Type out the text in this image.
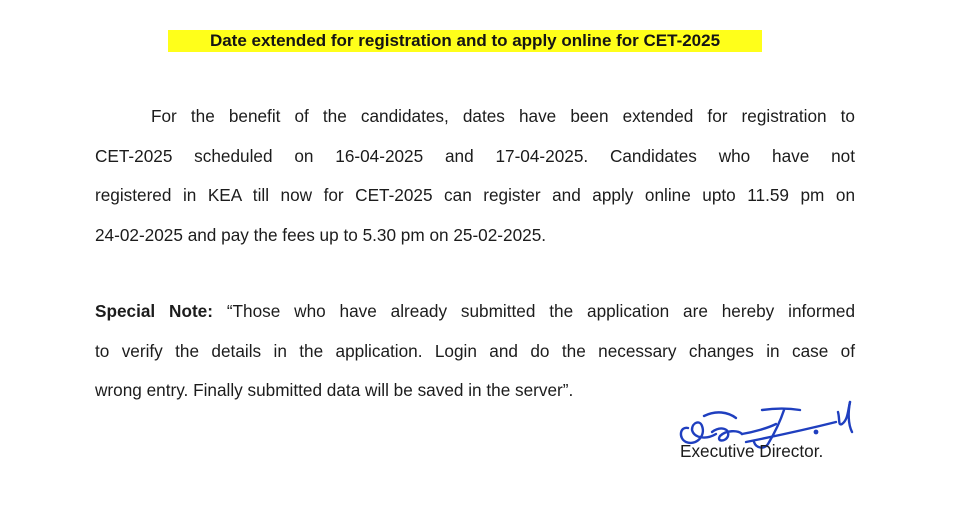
Date extended for registration and to apply online for CET-2025
For the benefit of the candidates, dates have been extended for registration to
CET-2025 scheduled on 16-04-2025 and 17-04-2025. Candidates who have not
registered in KEA till now for CET-2025 can register and apply online upto 11.59 pm on
24-02-2025 and pay the fees up to 5.30 pm on 25-02-2025.
Special Note: “Those who have already submitted the application are hereby informed
to verify the details in the application. Login and do the necessary changes in case of
wrong entry. Finally submitted data will be saved in the server”.
Executive Director.
